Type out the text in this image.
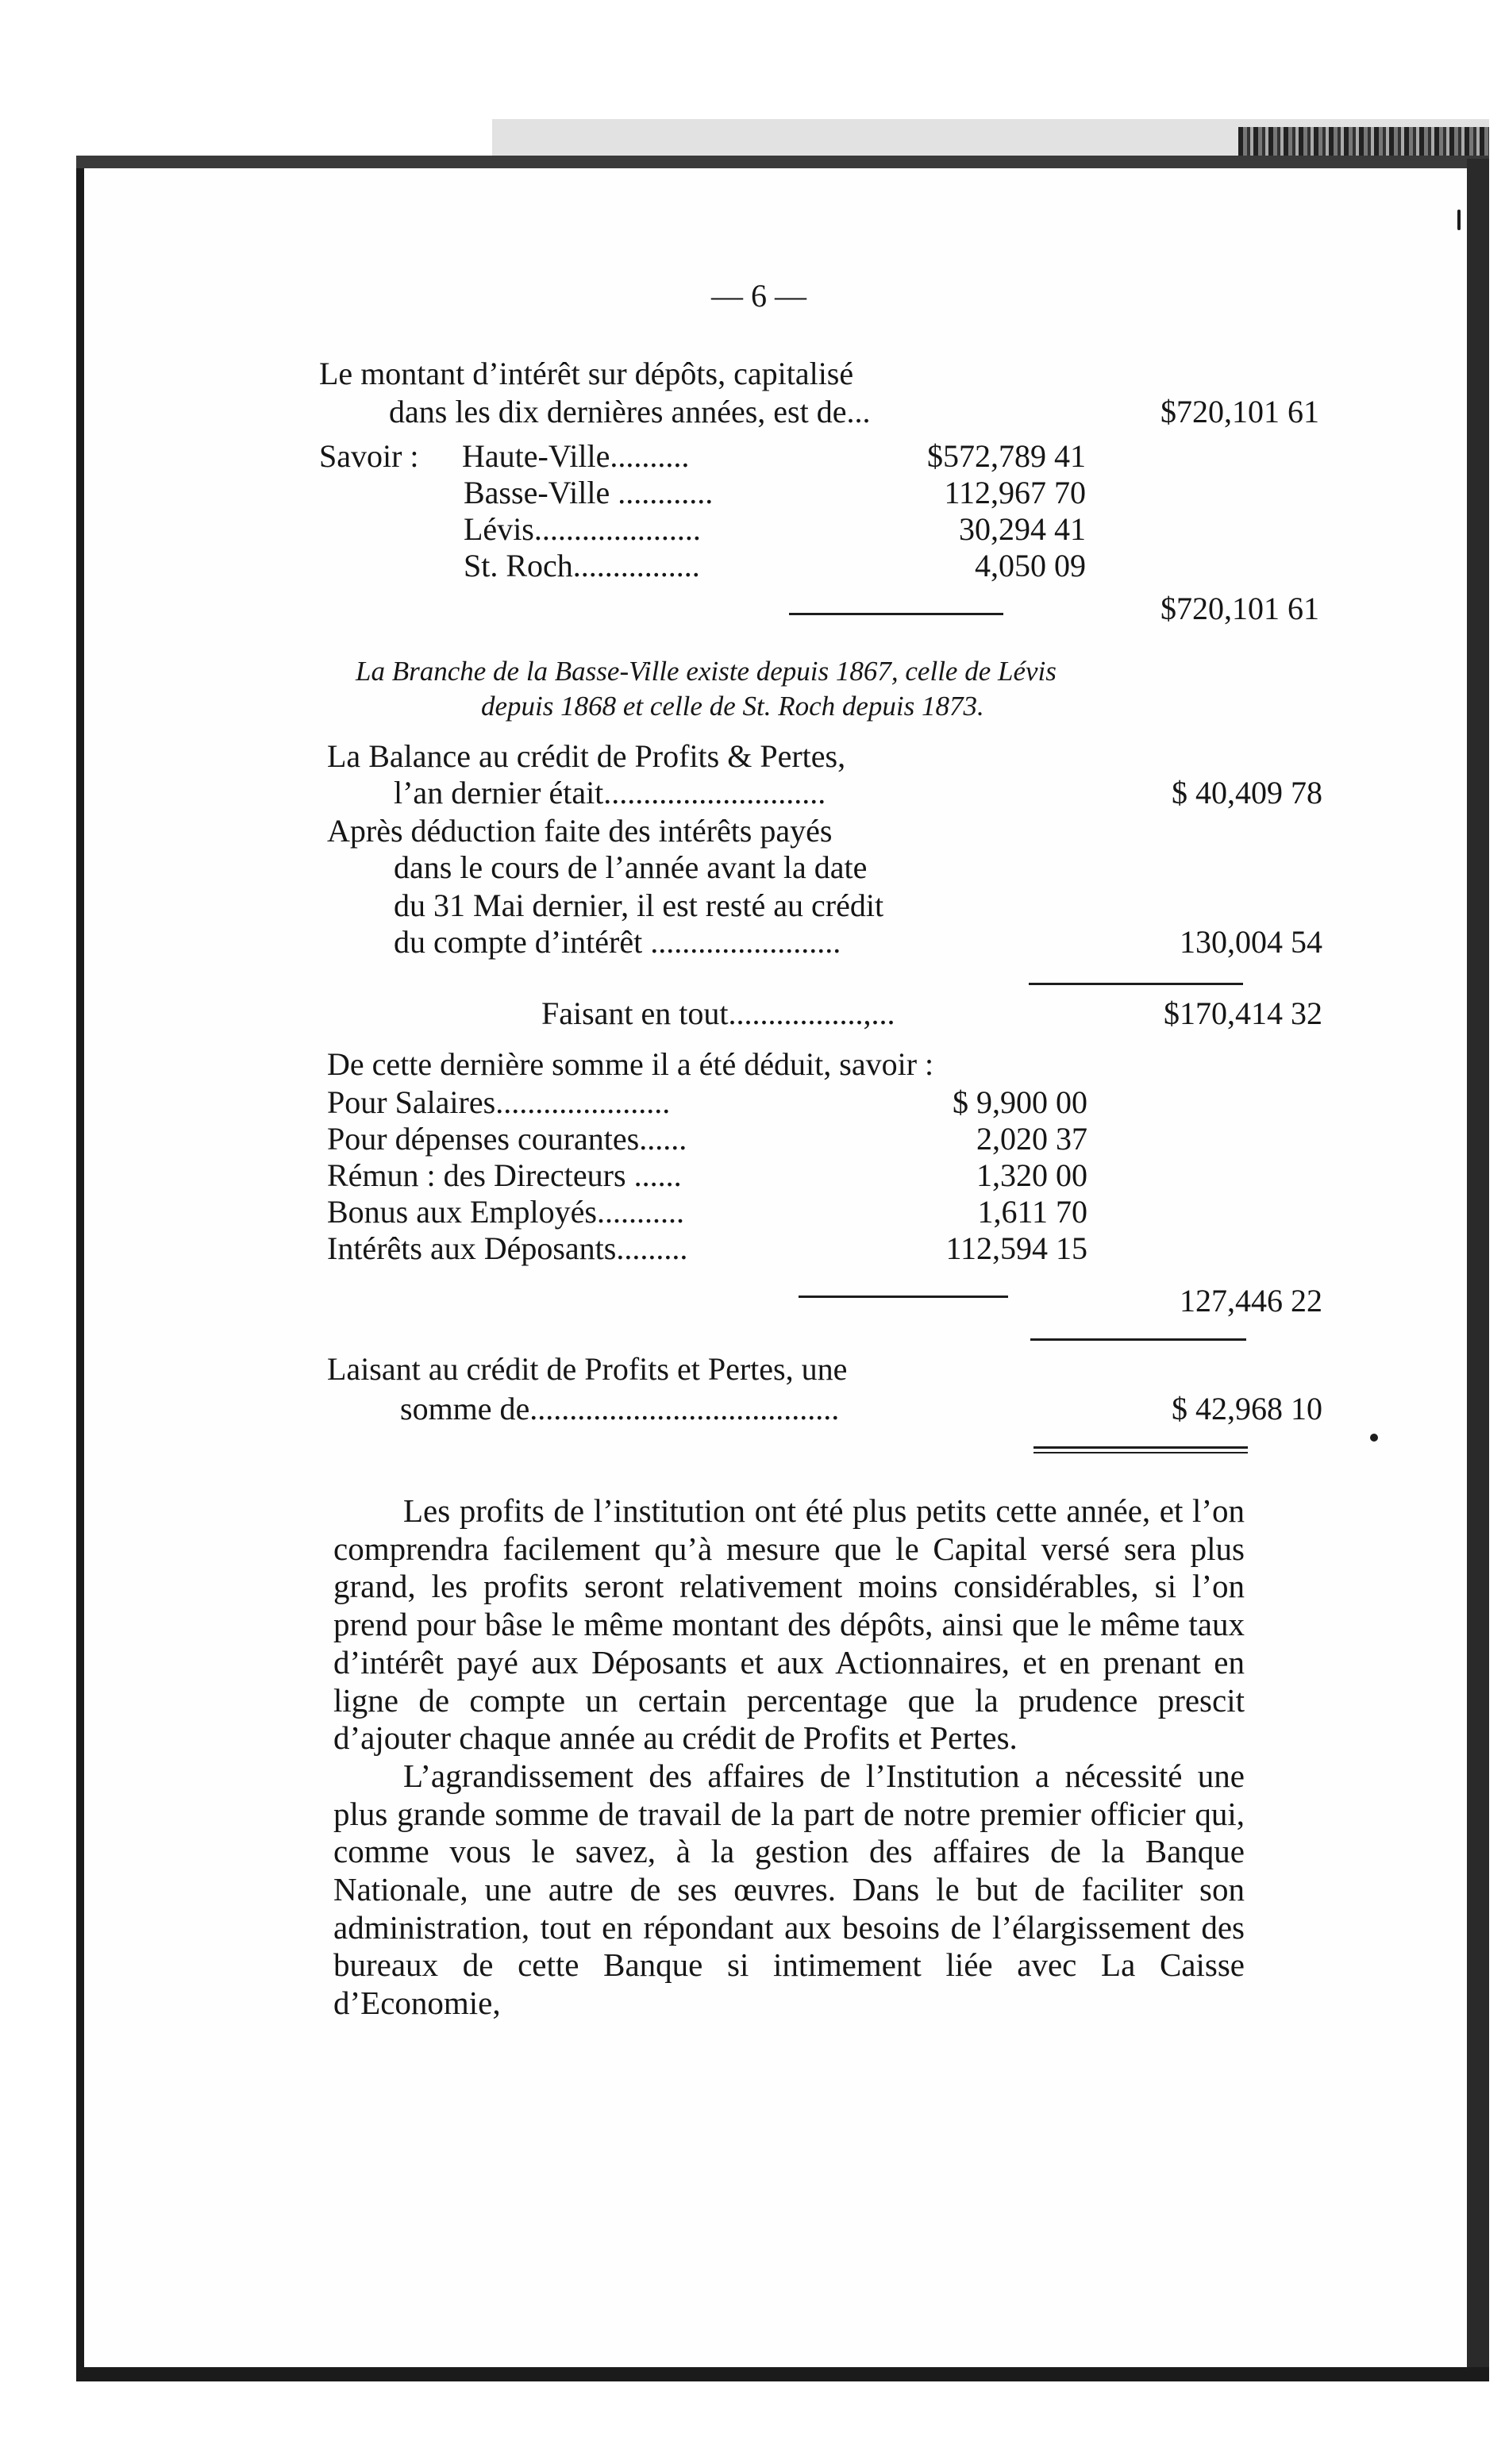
— 6 —
Le montant d’intérêt sur dépôts, capitalisé
dans les dix dernières années, est de...	$720,101 61
Savoir : Haute-Ville..........	$572,789 41
Basse-Ville ............	112,967 70
Lévis.....................	30,294 41
St. Roch................	4,050 09
$720,101 61
La Branche de la Basse-Ville existe depuis 1867, celle de Lévis
depuis 1868 et celle de St. Roch depuis 1873.
La Balance au crédit de Profits & Pertes,
l’an dernier était............................	$ 40,409 78
Après déduction faite des intérêts payés
dans le cours de l’année avant la date
du 31 Mai dernier, il est resté au crédit
du compte d’intérêt ........................	130,004 54
Faisant en tout.................,...	$170,414 32
De cette dernière somme il a été déduit, savoir :
Pour Salaires......................	$ 9,900 00
Pour dépenses courantes......	2,020 37
Rémun : des Directeurs ......	1,320 00
Bonus aux Employés...........	1,611 70
Intérêts aux Déposants.........	112,594 15
127,446 22
Laisant au crédit de Profits et Pertes, une
somme de.......................................	$ 42,968 10

Les profits de l’institution ont été plus petits cette année, et l’on comprendra facilement qu’à mesure que le Capital versé sera plus grand, les profits seront relativement moins considérables, si l’on prend pour bâse le même montant des dépôts, ainsi que le même taux d’intérêt payé aux Déposants et aux Actionnaires, et en prenant en ligne de compte un certain percentage que la prudence prescit d’ajouter chaque année au crédit de Profits et Pertes.

L’agrandissement des affaires de l’Institution a nécessité une plus grande somme de travail de la part de notre premier officier qui, comme vous le savez, à la gestion des affaires de la Banque Nationale, une autre de ses œuvres. Dans le but de faciliter son administration, tout en répondant aux besoins de l’élargissement des bureaux de cette Banque si intimement liée avec La Caisse d’Economie,
